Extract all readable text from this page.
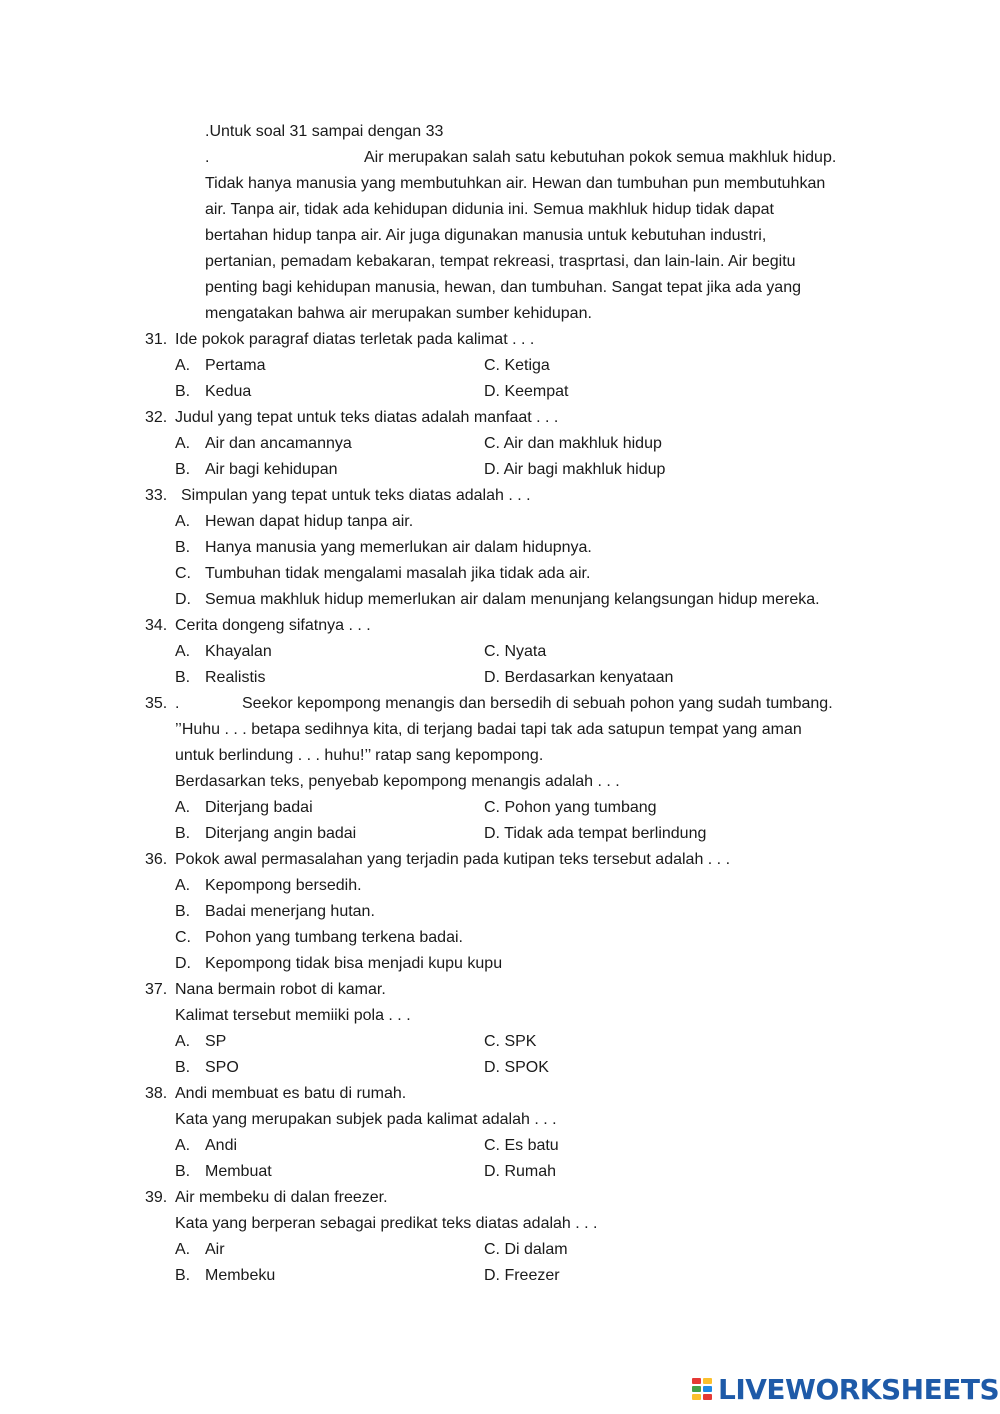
.Untuk soal 31 sampai dengan 33
.	Air merupakan salah satu kebutuhan pokok semua makhluk hidup.
Tidak hanya manusia yang membutuhkan air. Hewan dan tumbuhan pun membutuhkan
air. Tanpa air, tidak ada kehidupan didunia ini. Semua makhluk hidup tidak dapat
bertahan hidup tanpa air. Air juga digunakan manusia untuk kebutuhan industri,
pertanian, pemadam kebakaran, tempat rekreasi, trasprtasi, dan lain-lain. Air begitu
penting bagi kehidupan manusia, hewan, dan tumbuhan. Sangat tepat jika ada yang
mengatakan bahwa air merupakan sumber kehidupan.
31. Ide pokok paragraf diatas terletak pada kalimat . . .
A. Pertama	C. Ketiga
B. Kedua	D. Keempat
32. Judul yang tepat untuk teks diatas adalah manfaat . . .
A. Air dan ancamannya	C. Air dan makhluk hidup
B. Air bagi kehidupan	D. Air bagi makhluk hidup
33. Simpulan yang tepat untuk teks diatas adalah . . .
A. Hewan dapat hidup tanpa air.
B. Hanya manusia yang memerlukan air dalam hidupnya.
C. Tumbuhan tidak mengalami masalah jika tidak ada air.
D. Semua makhluk hidup memerlukan air dalam menunjang kelangsungan hidup mereka.
34. Cerita dongeng sifatnya . . .
A. Khayalan	C. Nyata
B. Realistis	D. Berdasarkan kenyataan
35. .	Seekor kepompong menangis dan bersedih di sebuah pohon yang sudah tumbang.
’’Huhu . . . betapa sedihnya kita, di terjang badai tapi tak ada satupun tempat yang aman
untuk berlindung . . . huhu!’’ ratap sang kepompong.
Berdasarkan teks, penyebab kepompong menangis adalah . . .
A. Diterjang badai	C. Pohon yang tumbang
B. Diterjang angin badai	D. Tidak ada tempat berlindung
36. Pokok awal permasalahan yang terjadin pada kutipan teks tersebut adalah . . .
A. Kepompong bersedih.
B. Badai menerjang hutan.
C. Pohon yang tumbang terkena badai.
D. Kepompong tidak bisa menjadi kupu kupu
37. Nana bermain robot di kamar.
Kalimat tersebut memiiki pola . . .
A. SP	C. SPK
B. SPO	D. SPOK
38. Andi membuat es batu di rumah.
Kata yang merupakan subjek pada kalimat adalah . . .
A. Andi	C. Es batu
B. Membuat	D. Rumah
39. Air membeku di dalan freezer.
Kata yang berperan sebagai predikat teks diatas adalah . . .
A. Air	C. Di dalam
B. Membeku	D. Freezer
LIVEWORKSHEETS
